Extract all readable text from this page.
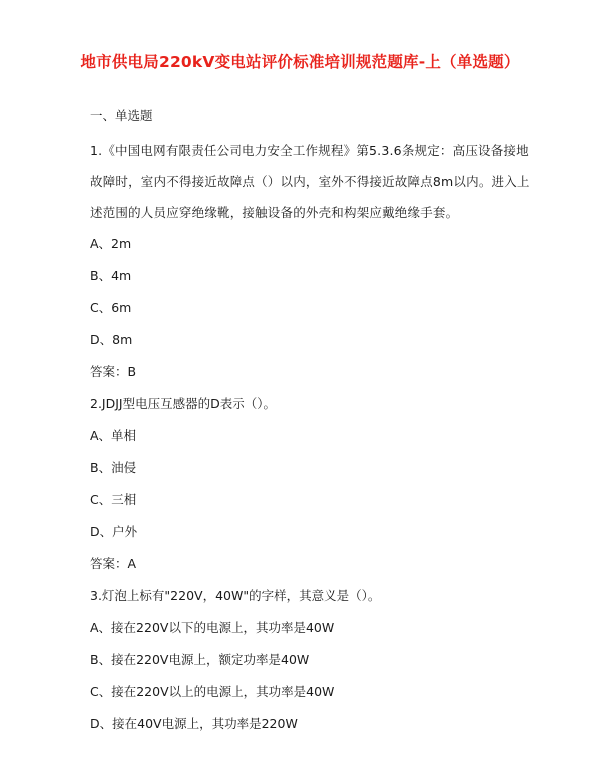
地市供电局220kV变电站评价标准培训规范题库-上（单选题）
一、单选题
1.《中国电网有限责任公司电力安全工作规程》第5.3.6条规定：高压设备接地
故障时，室内不得接近故障点（）以内，室外不得接近故障点8m以内。进入上
述范围的人员应穿绝缘靴，接触设备的外壳和构架应戴绝缘手套。
A、2m
B、4m
C、6m
D、8m
答案：B
2.JDJJ型电压互感器的D表示（）。
A、单相
B、油侵
C、三相
D、户外
答案：A
3.灯泡上标有"220V，40W"的字样，其意义是（）。
A、接在220V以下的电源上，其功率是40W
B、接在220V电源上，额定功率是40W
C、接在220V以上的电源上，其功率是40W
D、接在40V电源上，其功率是220W
